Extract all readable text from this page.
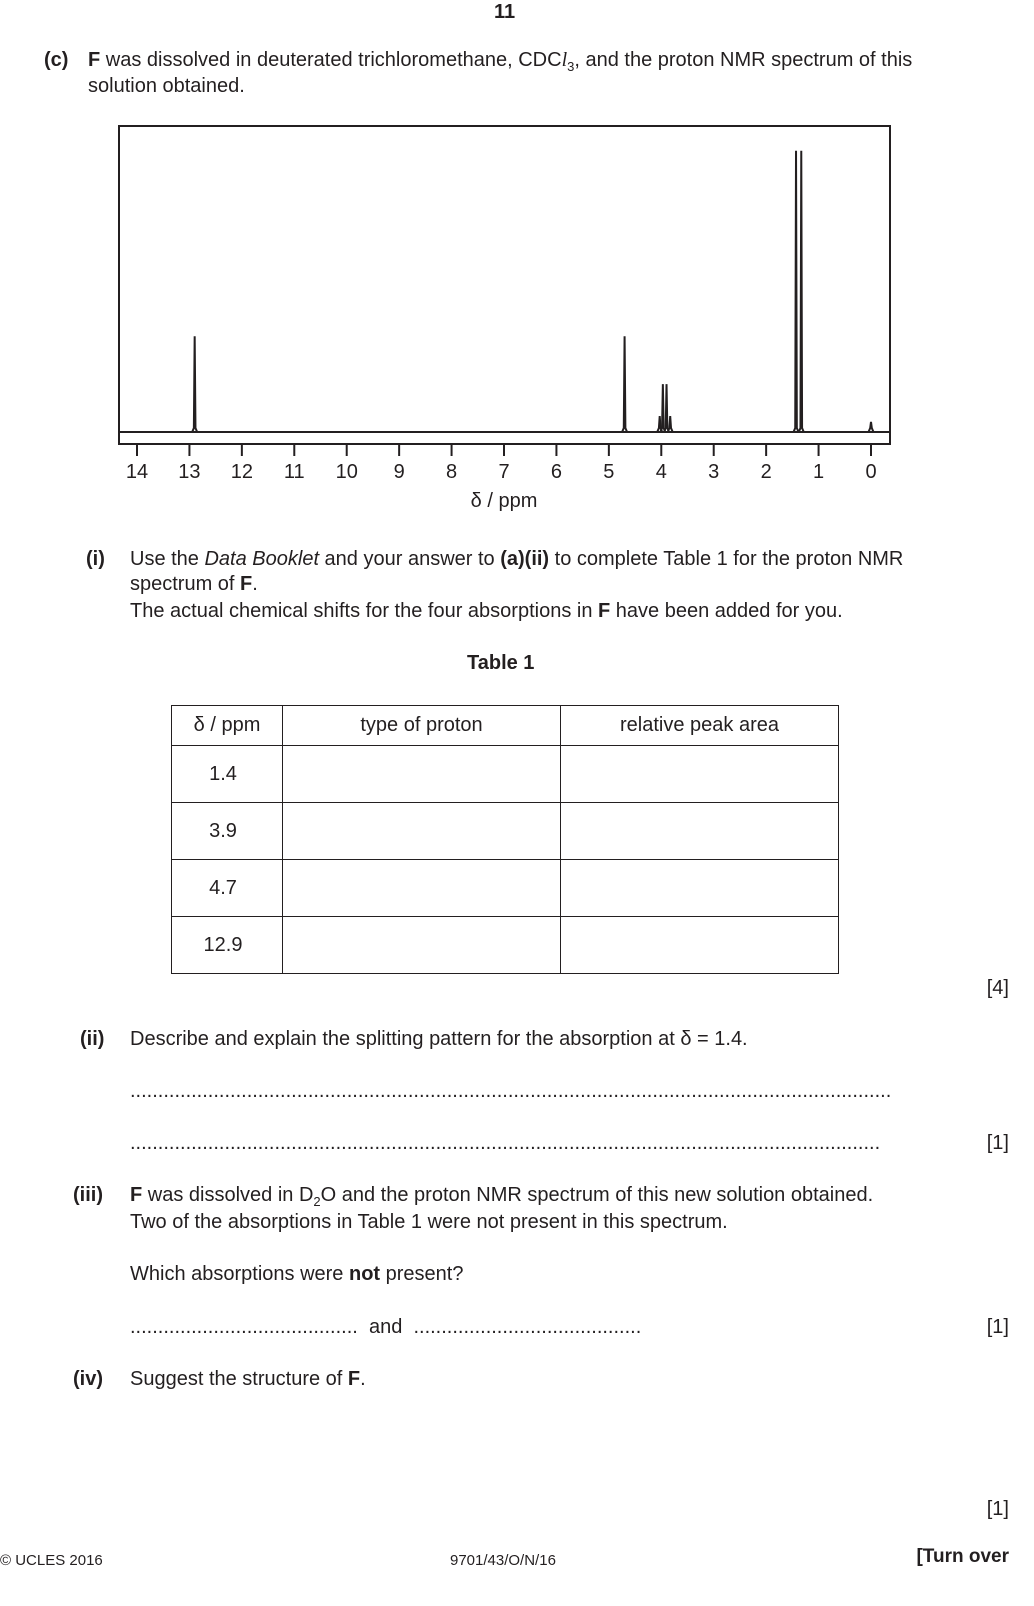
11
(c) F was dissolved in deuterated trichloromethane, CDCl$_3$, and the proton NMR spectrum of this
solution obtained.
14 13 12 11 10 9 8 7 6 5 4 3 2 1 0
δ / ppm
(i) Use the Data Booklet and your answer to (a)(ii) to complete Table 1 for the proton NMR
spectrum of F.
The actual chemical shifts for the four absorptions in F have been added for you.
Table 1
δ / ppm	type of proton	relative peak area
1.4		
3.9		
4.7		
12.9		
[4]
(ii) Describe and explain the splitting pattern for the absorption at δ = 1.4.
.........................................................................................................................................
.......................................................................................................................................	[1]
(iii) F was dissolved in $D_2O$ and the proton NMR spectrum of this new solution obtained.
Two of the absorptions in Table 1 were not present in this spectrum.
Which absorptions were not present?
......................................... and .........................................	[1]
(iv) Suggest the structure of F.
[1]
© UCLES 2016	9701/43/O/N/16	[Turn over
